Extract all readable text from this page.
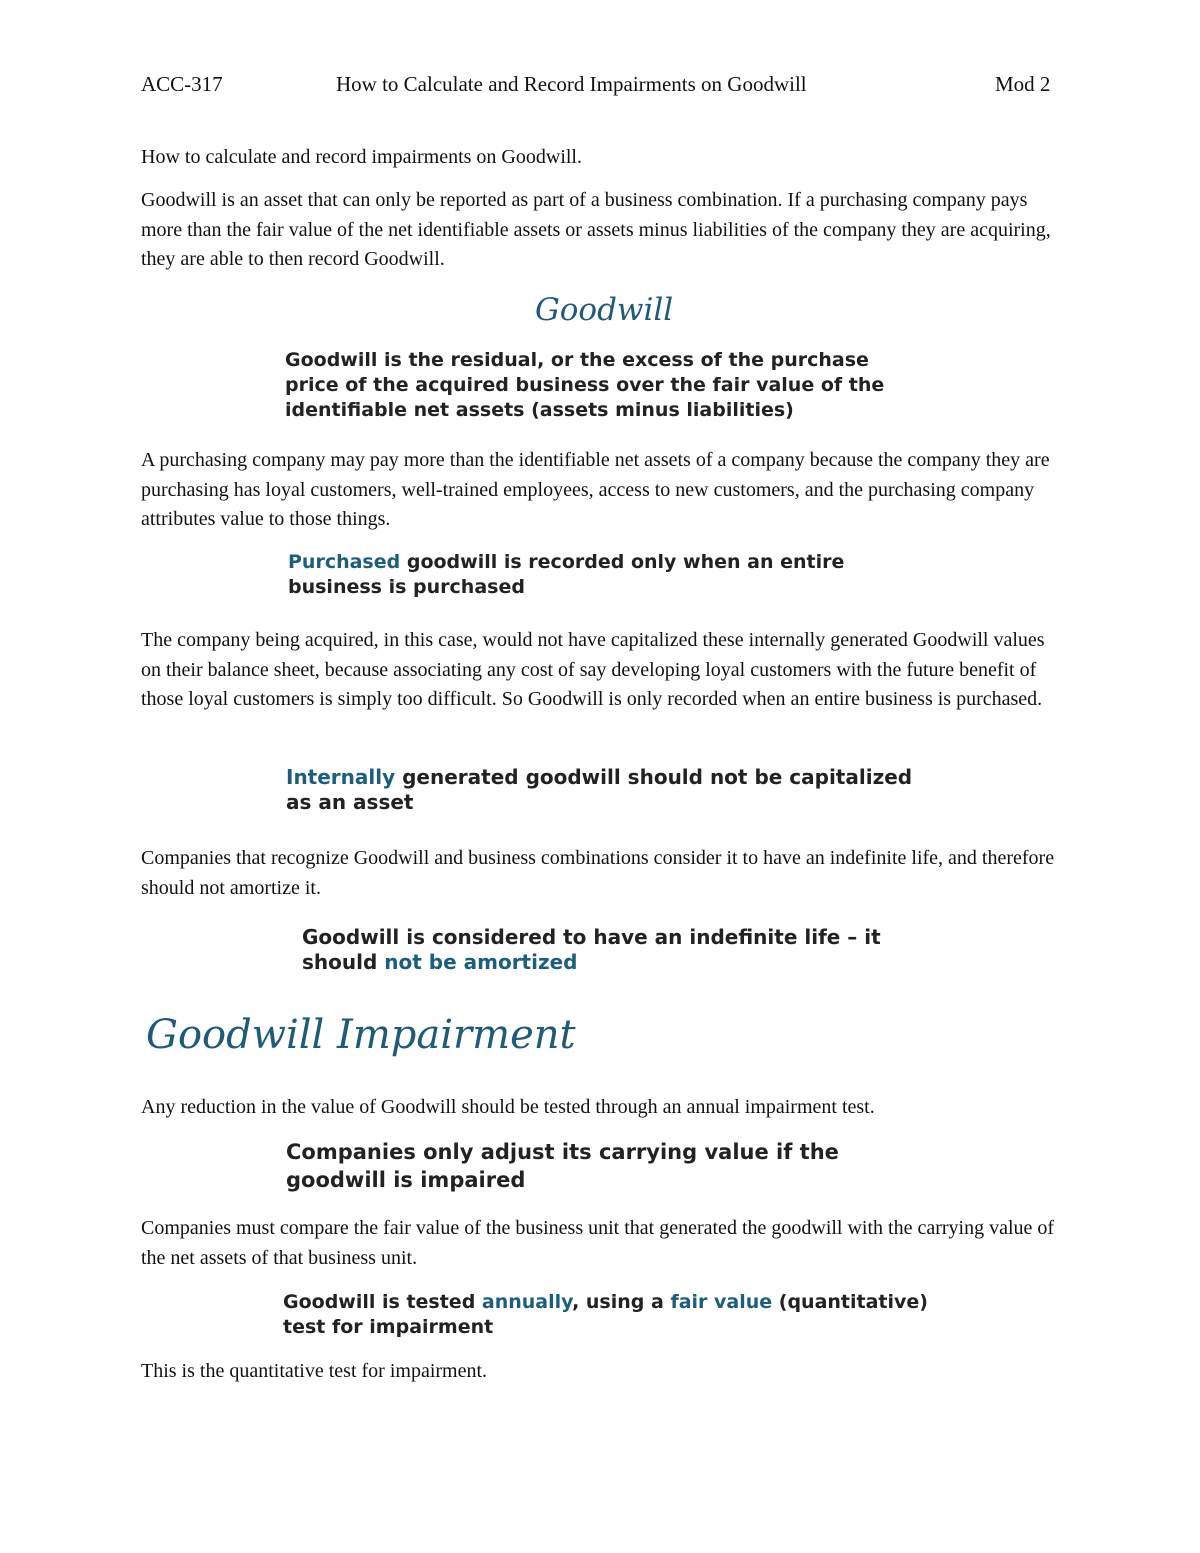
ACC-317	How to Calculate and Record Impairments on Goodwill	Mod 2

How to calculate and record impairments on Goodwill.

Goodwill is an asset that can only be reported as part of a business combination. If a purchasing company pays more than the fair value of the net identifiable assets or assets minus liabilities of the company they are acquiring, they are able to then record Goodwill.

Goodwill

Goodwill is the residual, or the excess of the purchase price of the acquired business over the fair value of the identifiable net assets (assets minus liabilities)

A purchasing company may pay more than the identifiable net assets of a company because the company they are purchasing has loyal customers, well-trained employees, access to new customers, and the purchasing company attributes value to those things.

Purchased goodwill is recorded only when an entire business is purchased

The company being acquired, in this case, would not have capitalized these internally generated Goodwill values on their balance sheet, because associating any cost of say developing loyal customers with the future benefit of those loyal customers is simply too difficult. So Goodwill is only recorded when an entire business is purchased.

Internally generated goodwill should not be capitalized as an asset

Companies that recognize Goodwill and business combinations consider it to have an indefinite life, and therefore should not amortize it.

Goodwill is considered to have an indefinite life – it should not be amortized

Goodwill Impairment

Any reduction in the value of Goodwill should be tested through an annual impairment test.

Companies only adjust its carrying value if the goodwill is impaired

Companies must compare the fair value of the business unit that generated the goodwill with the carrying value of the net assets of that business unit.

Goodwill is tested annually, using a fair value (quantitative) test for impairment

This is the quantitative test for impairment.
